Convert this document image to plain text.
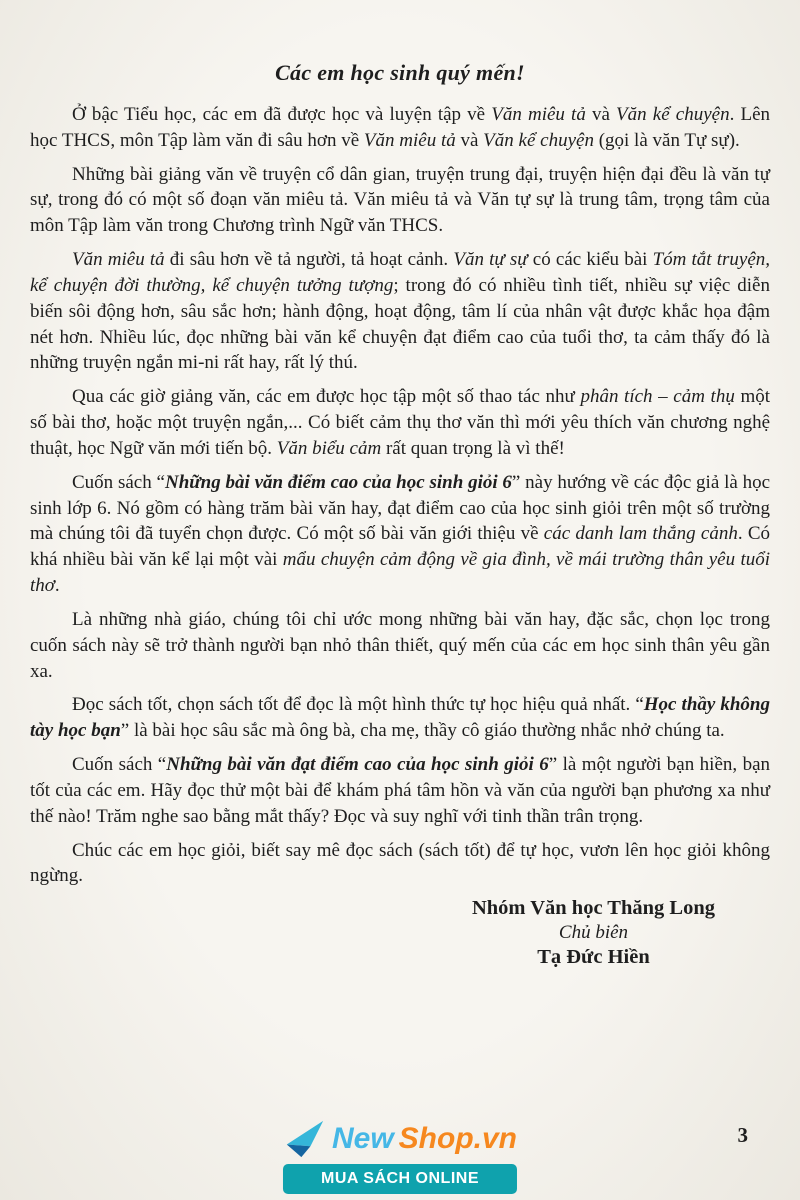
Các em học sinh quý mến!

Ở bậc Tiểu học, các em đã được học và luyện tập về Văn miêu tả và Văn kể chuyện. Lên học THCS, môn Tập làm văn đi sâu hơn về Văn miêu tả và Văn kể chuyện (gọi là văn Tự sự).

Những bài giảng văn về truyện cổ dân gian, truyện trung đại, truyện hiện đại đều là văn tự sự, trong đó có một số đoạn văn miêu tả. Văn miêu tả và Văn tự sự là trung tâm, trọng tâm của môn Tập làm văn trong Chương trình Ngữ văn THCS.

Văn miêu tả đi sâu hơn về tả người, tả hoạt cảnh. Văn tự sự có các kiểu bài Tóm tắt truyện, kể chuyện đời thường, kể chuyện tưởng tượng; trong đó có nhiều tình tiết, nhiều sự việc diễn biến sôi động hơn, sâu sắc hơn; hành động, hoạt động, tâm lí của nhân vật được khắc họa đậm nét hơn. Nhiều lúc, đọc những bài văn kể chuyện đạt điểm cao của tuổi thơ, ta cảm thấy đó là những truyện ngắn mi-ni rất hay, rất lý thú.

Qua các giờ giảng văn, các em được học tập một số thao tác như phân tích – cảm thụ một số bài thơ, hoặc một truyện ngắn,... Có biết cảm thụ thơ văn thì mới yêu thích văn chương nghệ thuật, học Ngữ văn mới tiến bộ. Văn biểu cảm rất quan trọng là vì thế!

Cuốn sách “Những bài văn điểm cao của học sinh giỏi 6” này hướng về các độc giả là học sinh lớp 6. Nó gồm có hàng trăm bài văn hay, đạt điểm cao của học sinh giỏi trên một số trường mà chúng tôi đã tuyển chọn được. Có một số bài văn giới thiệu về các danh lam thắng cảnh. Có khá nhiều bài văn kể lại một vài mẩu chuyện cảm động về gia đình, về mái trường thân yêu tuổi thơ.

Là những nhà giáo, chúng tôi chỉ ước mong những bài văn hay, đặc sắc, chọn lọc trong cuốn sách này sẽ trở thành người bạn nhỏ thân thiết, quý mến của các em học sinh thân yêu gần xa.

Đọc sách tốt, chọn sách tốt để đọc là một hình thức tự học hiệu quả nhất. “Học thầy không tày học bạn” là bài học sâu sắc mà ông bà, cha mẹ, thầy cô giáo thường nhắc nhở chúng ta.

Cuốn sách “Những bài văn đạt điểm cao của học sinh giỏi 6” là một người bạn hiền, bạn tốt của các em. Hãy đọc thử một bài để khám phá tâm hồn và văn của người bạn phương xa như thế nào! Trăm nghe sao bằng mắt thấy? Đọc và suy nghĩ với tinh thần trân trọng.

Chúc các em học giỏi, biết say mê đọc sách (sách tốt) để tự học, vươn lên học giỏi không ngừng.

Nhóm Văn học Thăng Long
Chủ biên
Tạ Đức Hiền
New Shop.vn
MUA SÁCH ONLINE
3
